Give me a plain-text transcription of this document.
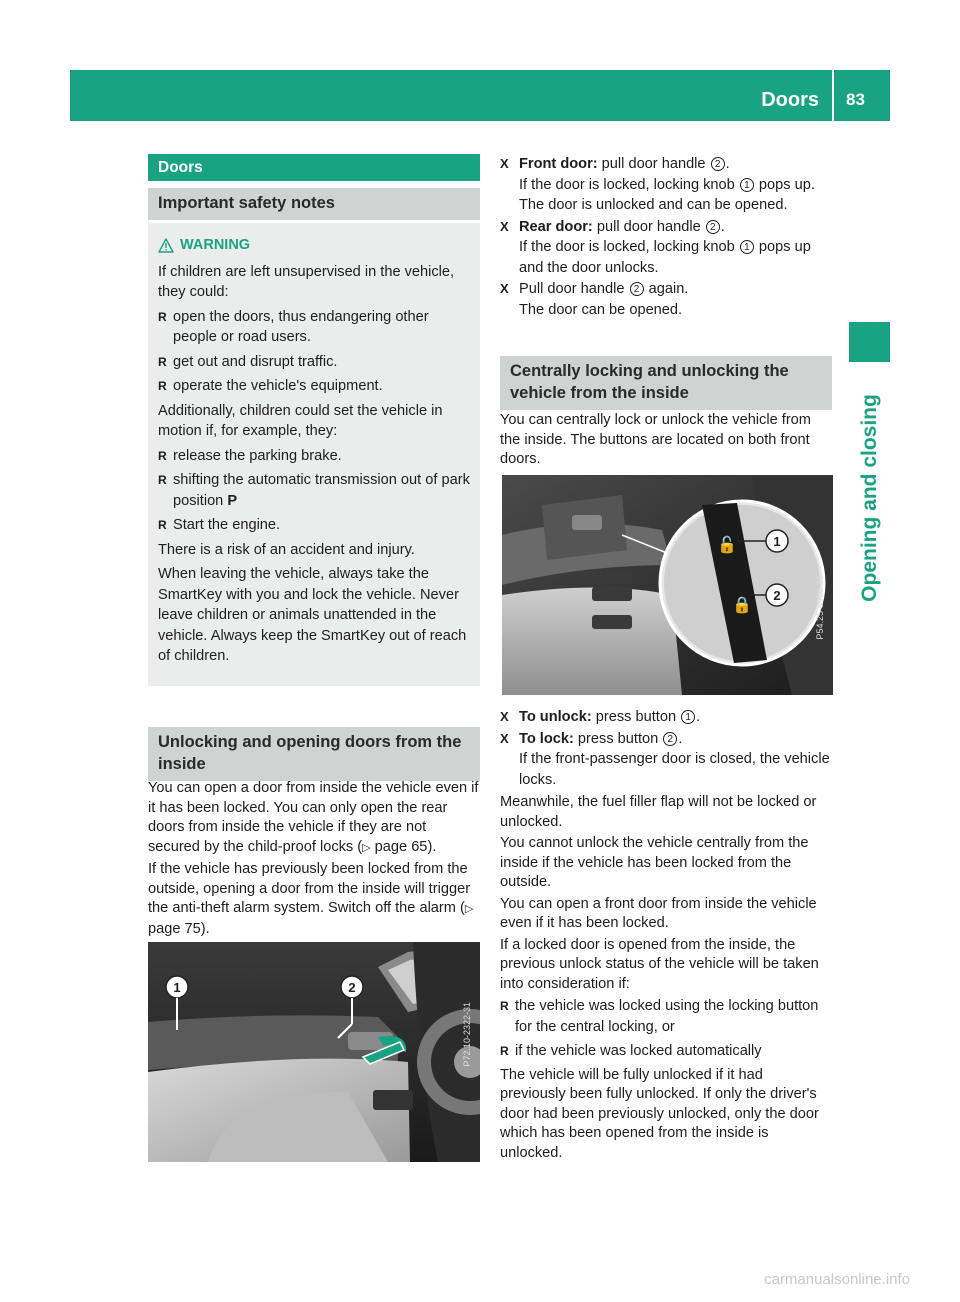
Doors 83
Opening and closing
Doors
Important safety notes
WARNING

If children are left unsupervised in the vehicle, they could:

R open the doors, thus endangering other people or road users.
R get out and disrupt traffic.
R operate the vehicle's equipment.

Additionally, children could set the vehicle in motion if, for example, they:

R release the parking brake.
R shifting the automatic transmission out of park position P
R Start the engine.

There is a risk of an accident and injury.

When leaving the vehicle, always take the SmartKey with you and lock the vehicle. Never leave children or animals unattended in the vehicle. Always keep the SmartKey out of reach of children.

Unlocking and opening doors from the inside

You can open a door from inside the vehicle even if it has been locked. You can only open the rear doors from inside the vehicle if they are not secured by the child-proof locks (▷ page 65).

If the vehicle has previously been locked from the outside, opening a door from the inside will trigger the anti-theft alarm system. Switch off the alarm (▷ page 75).

1	2
P72.10-2322-31
X Front door: pull door handle 2 .
If the door is locked, locking knob 1 pops up. The door is unlocked and can be opened.
X Rear door: pull door handle 2 .
If the door is locked, locking knob 1 pops up and the door unlocks.
X Pull door handle 2 again.
The door can be opened.
Centrally locking and unlocking the vehicle from the inside

You can centrally lock or unlock the vehicle from the inside. The buttons are located on both front doors.

🔓
🔒
1
2	P54.25-9906-31
X To unlock: press button 1 .
X To lock: press button 2 .
If the front-passenger door is closed, the vehicle locks.

Meanwhile, the fuel filler flap will not be locked or unlocked.

You cannot unlock the vehicle centrally from the inside if the vehicle has been locked from the outside.

You can open a front door from inside the vehicle even if it has been locked.

If a locked door is opened from the inside, the previous unlock status of the vehicle will be taken into consideration if:

R the vehicle was locked using the locking button for the central locking, or
R if the vehicle was locked automatically

The vehicle will be fully unlocked if it had previously been fully unlocked. If only the driver's door had been previously unlocked, only the door which has been opened from the inside is unlocked.

carmanualsonline.info
